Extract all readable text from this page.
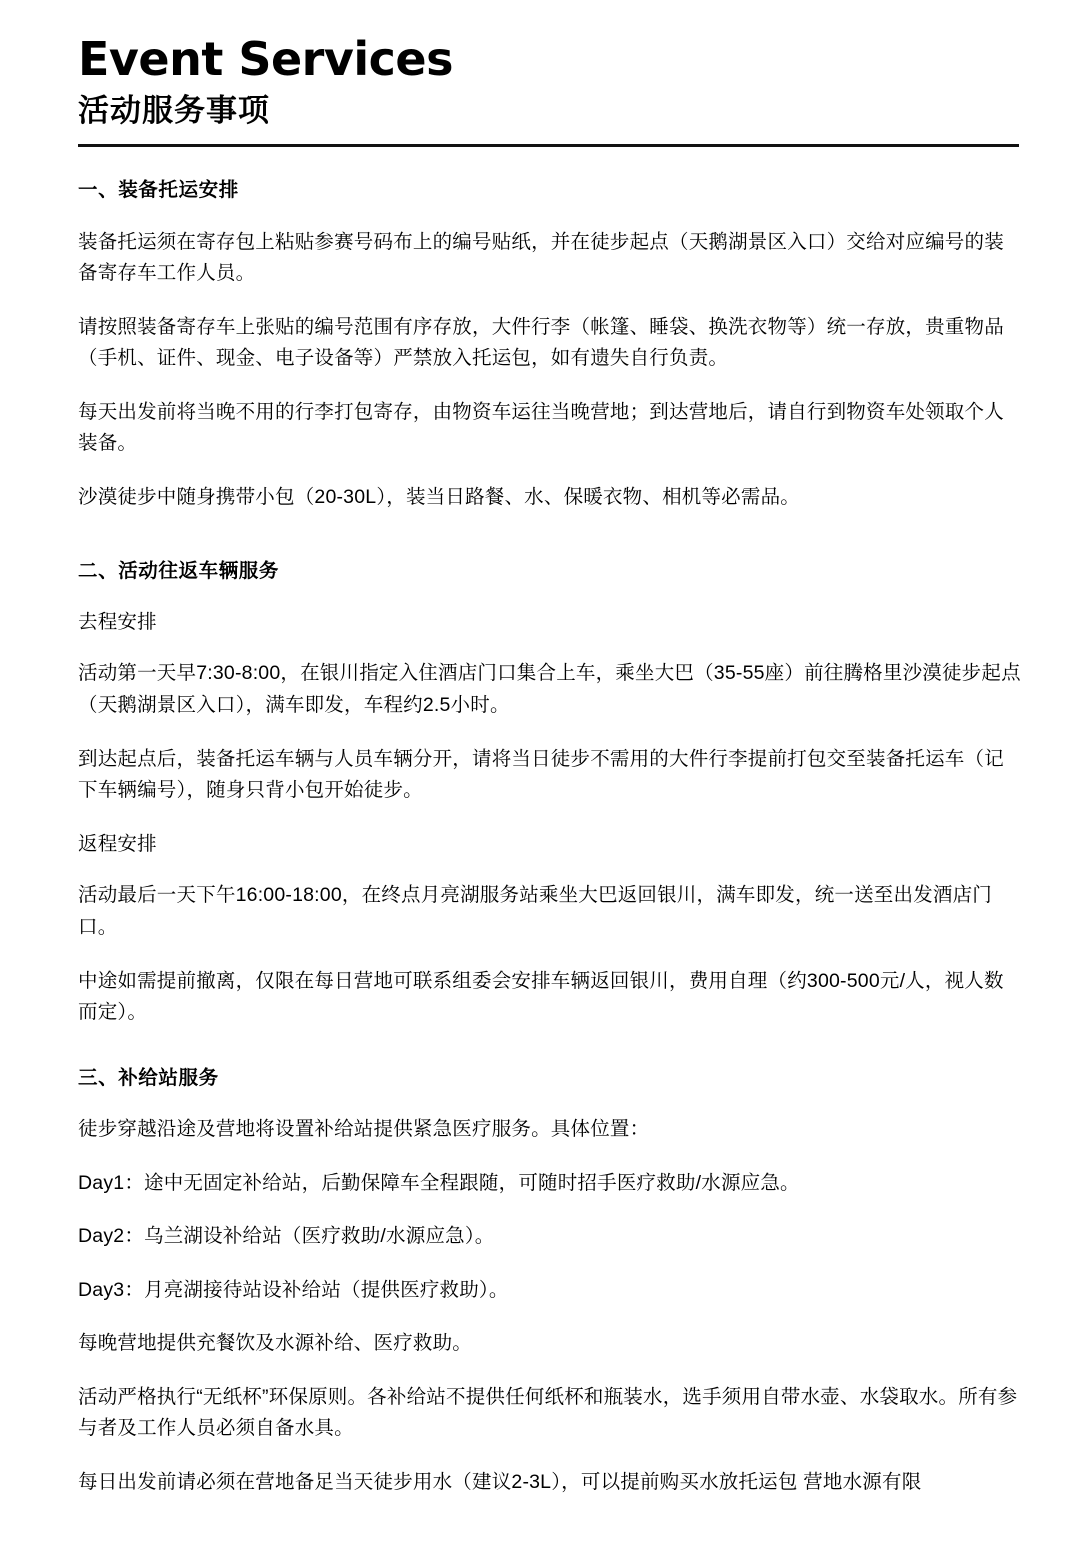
Event Services
活动服务事项
一、装备托运安排

装备托运须在寄存包上粘贴参赛号码布上的编号贴纸，并在徒步起点（天鹅湖景区入口）交给对应编号的装备寄存车工作人员。

请按照装备寄存车上张贴的编号范围有序存放，大件行李（帐篷、睡袋、换洗衣物等）统一存放，贵重物品（手机、证件、现金、电子设备等）严禁放入托运包，如有遗失自行负责。

每天出发前将当晚不用的行李打包寄存，由物资车运往当晚营地；到达营地后，请自行到物资车处领取个人装备。

沙漠徒步中随身携带小包（20-30L），装当日路餐、水、保暖衣物、相机等必需品。

二、活动往返车辆服务

去程安排

活动第一天早7:30-8:00，在银川指定入住酒店门口集合上车，乘坐大巴（35-55座）前往腾格里沙漠徒步起点（天鹅湖景区入口），满车即发，车程约2.5小时。

到达起点后，装备托运车辆与人员车辆分开，请将当日徒步不需用的大件行李提前打包交至装备托运车（记下车辆编号），随身只背小包开始徒步。

返程安排

活动最后一天下午16:00-18:00，在终点月亮湖服务站乘坐大巴返回银川，满车即发，统一送至出发酒店门口。

中途如需提前撤离，仅限在每日营地可联系组委会安排车辆返回银川，费用自理（约300-500元/人，视人数而定）。

三、补给站服务

徒步穿越沿途及营地将设置补给站提供紧急医疗服务。具体位置：

Day1：途中无固定补给站，后勤保障车全程跟随，可随时招手医疗救助/水源应急。

Day2：乌兰湖设补给站（医疗救助/水源应急）。

Day3：月亮湖接待站设补给站（提供医疗救助）。

每晚营地提供充餐饮及水源补给、医疗救助。

活动严格执行“无纸杯”环保原则。各补给站不提供任何纸杯和瓶装水，选手须用自带水壶、水袋取水。所有参与者及工作人员必须自备水具。

每日出发前请必须在营地备足当天徒步用水（建议2-3L），可以提前购买水放托运包 营地水源有限
